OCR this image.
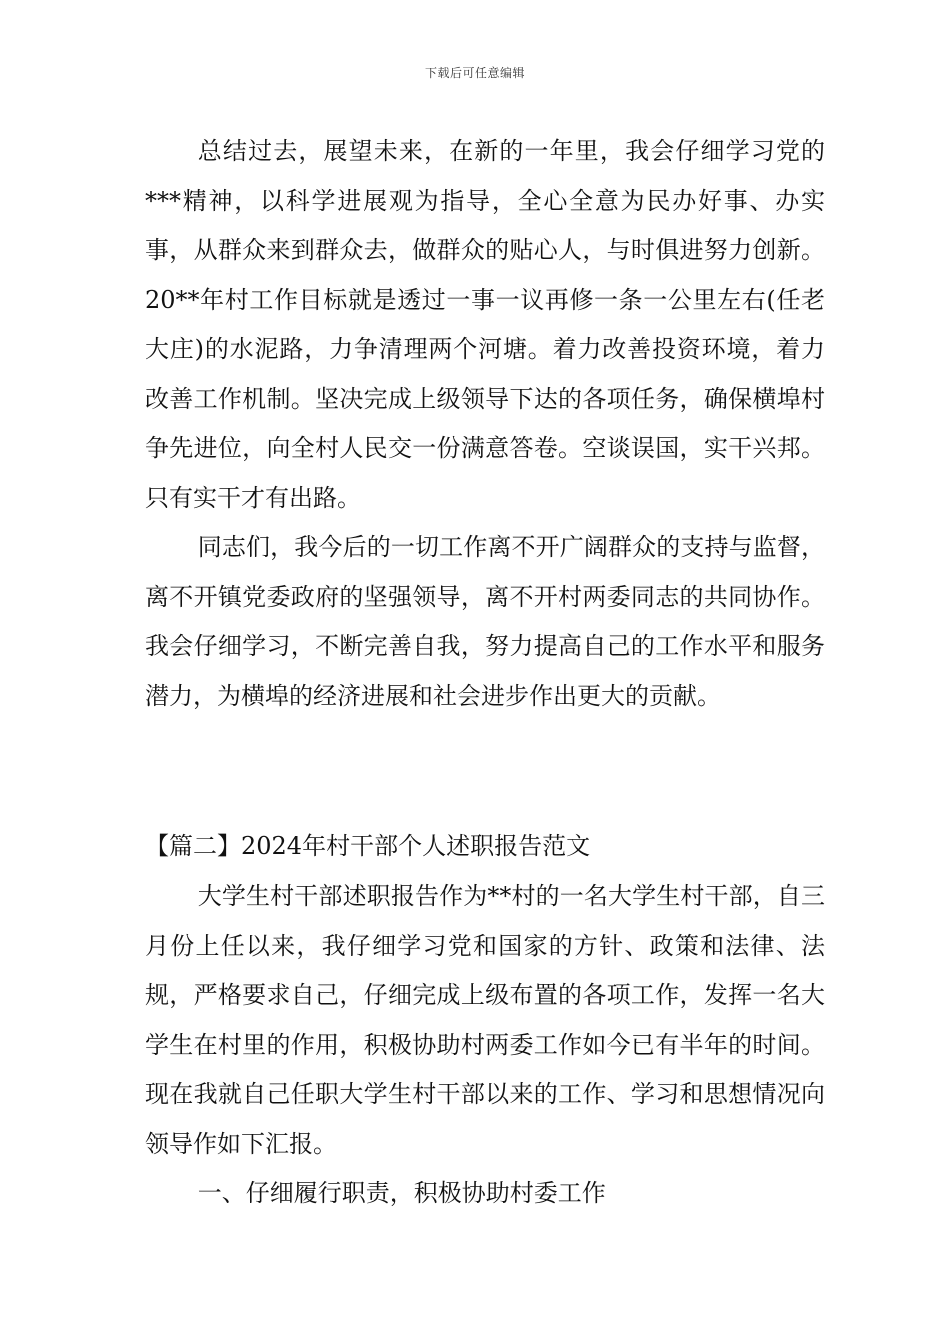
下载后可任意编辑

总结过去，展望未来，在新的一年里，我会仔细学习党的***精神，以科学进展观为指导，全心全意为民办好事、办实事，从群众来到群众去，做群众的贴心人，与时俱进努力创新。20**年村工作目标就是透过一事一议再修一条一公里左右(任老大庄)的水泥路，力争清理两个河塘。着力改善投资环境，着力改善工作机制。坚决完成上级领导下达的各项任务，确保横埠村争先进位，向全村人民交一份满意答卷。空谈误国，实干兴邦。只有实干才有出路。

同志们，我今后的一切工作离不开广阔群众的支持与监督，离不开镇党委政府的坚强领导，离不开村两委同志的共同协作。我会仔细学习，不断完善自我，努力提高自己的工作水平和服务潜力，为横埠的经济进展和社会进步作出更大的贡献。

【篇二】2024年村干部个人述职报告范文

大学生村干部述职报告作为**村的一名大学生村干部，自三月份上任以来，我仔细学习党和国家的方针、政策和法律、法规，严格要求自己，仔细完成上级布置的各项工作，发挥一名大学生在村里的作用，积极协助村两委工作如今已有半年的时间。现在我就自己任职大学生村干部以来的工作、学习和思想情况向领导作如下汇报。

一、仔细履行职责，积极协助村委工作
